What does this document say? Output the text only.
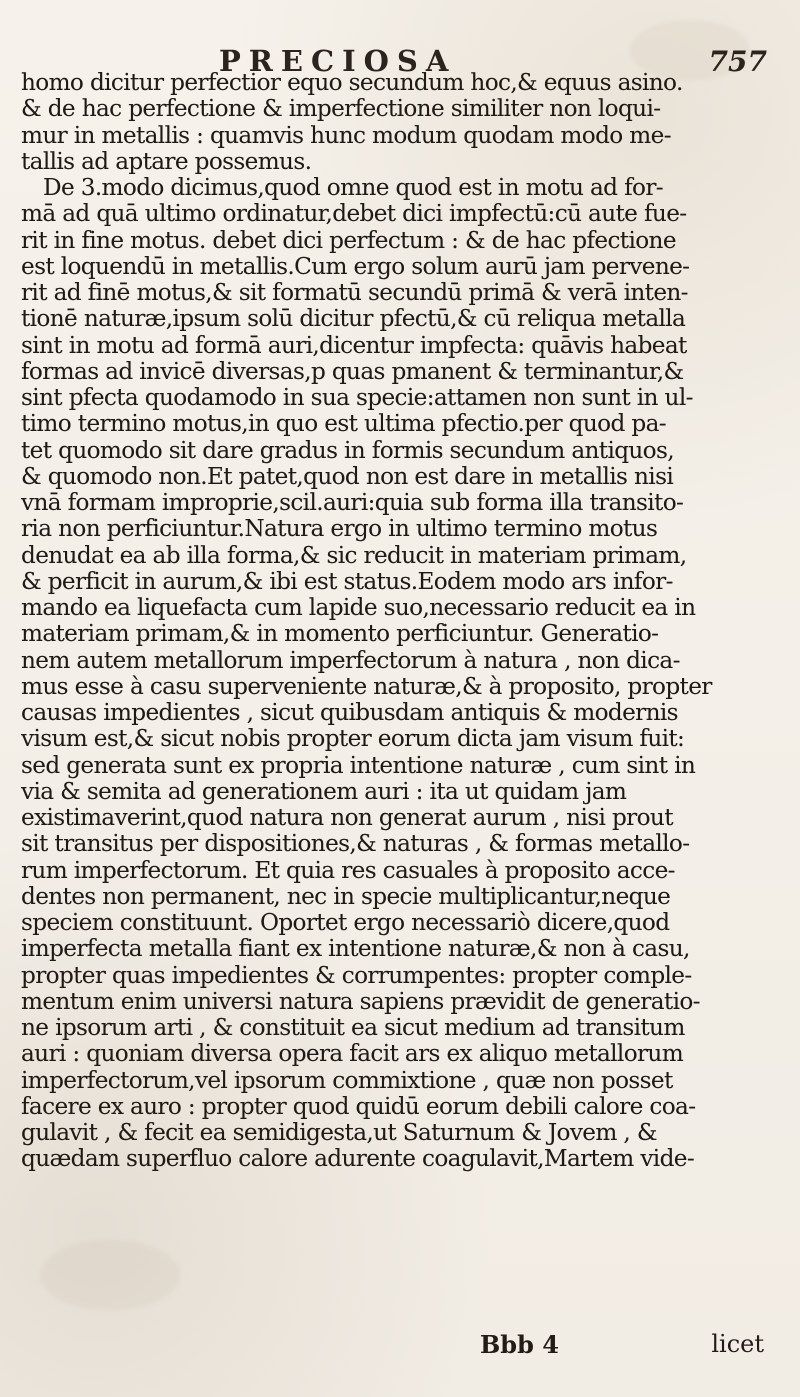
PRECIOSA	757
homo dicitur perfectior equo secundum hoc,& equus asino.
& de hac perfectione & imperfectione similiter non loqui-
mur in metallis : quamvis hunc modum quodam modo me-
tallis ad aptare possemus.
De 3.modo dicimus,quod omne quod est in motu ad for-
mā ad quā ultimo ordinatur,debet dici impfectū:cū aute fue-
rit in fine motus. debet dici perfectum : & de hac pfectione
est loquendū in metallis.Cum ergo solum aurū jam pervene-
rit ad finē motus,& sit formatū secundū primā & verā inten-
tionē naturæ,ipsum solū dicitur pfectū,& cū reliqua metalla
sint in motu ad formā auri,dicentur impfecta: quāvis habeat
formas ad invicē diversas,p quas pmanent & terminantur,&
sint pfecta quodamodo in sua specie:attamen non sunt in ul-
timo termino motus,in quo est ultima pfectio.per quod pa-
tet quomodo sit dare gradus in formis secundum antiquos,
& quomodo non.Et patet,quod non est dare in metallis nisi
vnā formam improprie,scil.auri:quia sub forma illa transito-
ria non perficiuntur.Natura ergo in ultimo termino motus
denudat ea ab illa forma,& sic reducit in materiam primam,
& perficit in aurum,& ibi est status.Eodem modo ars infor-
mando ea liquefacta cum lapide suo,necessario reducit ea in
materiam primam,& in momento perficiuntur. Generatio-
nem autem metallorum imperfectorum à natura , non dica-
mus esse à casu superveniente naturæ,& à proposito, propter
causas impedientes , sicut quibusdam antiquis & modernis
visum est,& sicut nobis propter eorum dicta jam visum fuit:
sed generata sunt ex propria intentione naturæ , cum sint in
via & semita ad generationem auri : ita ut quidam jam
existimaverint,quod natura non generat aurum , nisi prout
sit transitus per dispositiones,& naturas , & formas metallo-
rum imperfectorum. Et quia res casuales à proposito acce-
dentes non permanent, nec in specie multiplicantur,neque
speciem constituunt. Oportet ergo necessariò dicere,quod
imperfecta metalla fiant ex intentione naturæ,& non à casu,
propter quas impedientes & corrumpentes: propter comple-
mentum enim universi natura sapiens prævidit de generatio-
ne ipsorum arti , & constituit ea sicut medium ad transitum
auri : quoniam diversa opera facit ars ex aliquo metallorum
imperfectorum,vel ipsorum commixtione , quæ non posset
facere ex auro : propter quod quidū eorum debili calore coa-
gulavit , & fecit ea semidigesta,ut Saturnum & Jovem , &
quædam superfluo calore adurente coagulavit,Martem vide-
Bbb 4	licet
